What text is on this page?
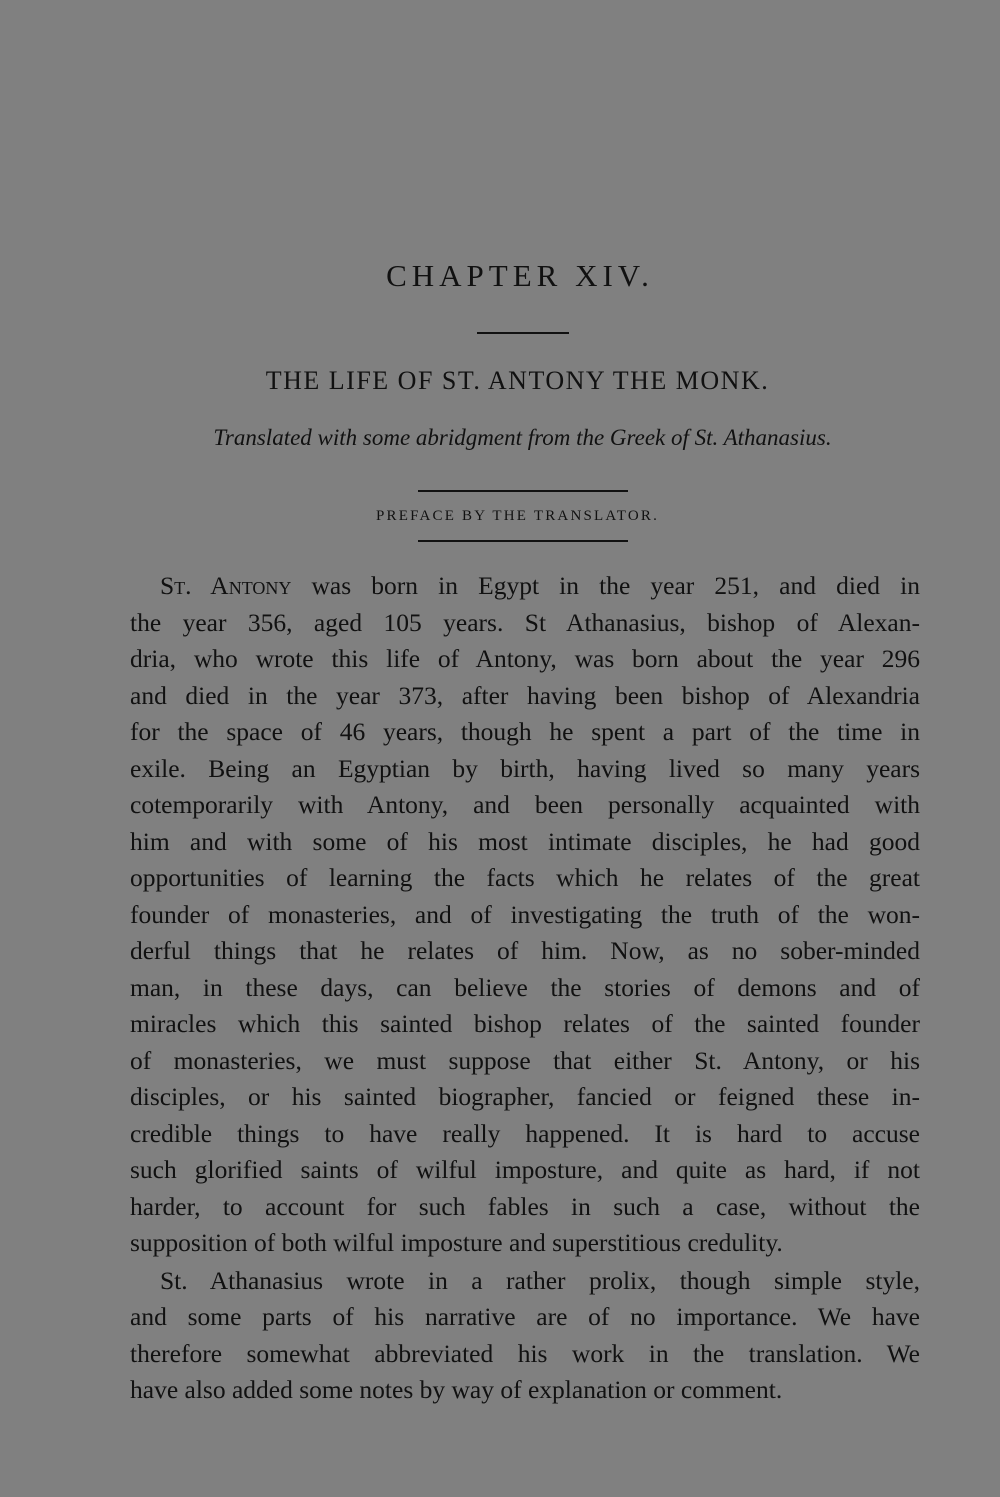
CHAPTER XIV.
THE LIFE OF ST. ANTONY THE MONK.
Translated with some abridgment from the Greek of St. Athanasius.
PREFACE BY THE TRANSLATOR.
St. Antony was born in Egypt in the year 251, and died in
the year 356, aged 105 years. St Athanasius, bishop of Alexan-
dria, who wrote this life of Antony, was born about the year 296
and died in the year 373, after having been bishop of Alexandria
for the space of 46 years, though he spent a part of the time in
exile. Being an Egyptian by birth, having lived so many years
cotemporarily with Antony, and been personally acquainted with
him and with some of his most intimate disciples, he had good
opportunities of learning the facts which he relates of the great
founder of monasteries, and of investigating the truth of the won-
derful things that he relates of him. Now, as no sober-minded
man, in these days, can believe the stories of demons and of
miracles which this sainted bishop relates of the sainted founder
of monasteries, we must suppose that either St. Antony, or his
disciples, or his sainted biographer, fancied or feigned these in-
credible things to have really happened. It is hard to accuse
such glorified saints of wilful imposture, and quite as hard, if not
harder, to account for such fables in such a case, without the
supposition of both wilful imposture and superstitious credulity.
St. Athanasius wrote in a rather prolix, though simple style,
and some parts of his narrative are of no importance. We have
therefore somewhat abbreviated his work in the translation. We
have also added some notes by way of explanation or comment.
